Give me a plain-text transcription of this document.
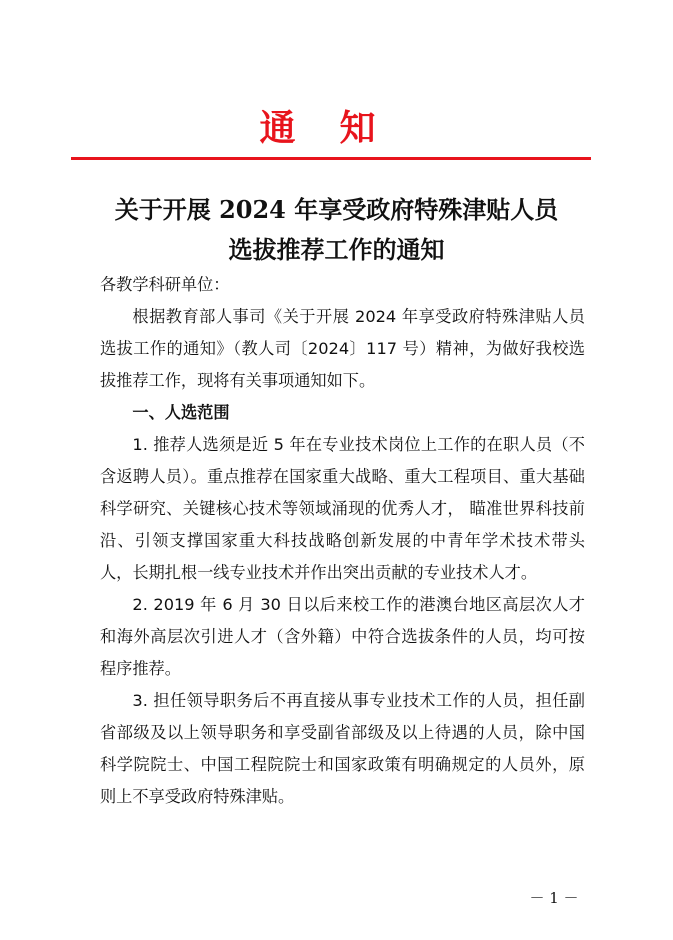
通知
关于开展 2024 年享受政府特殊津贴人员
选拔推荐工作的通知

各教学科研单位：

根据教育部人事司《关于开展 2024 年享受政府特殊津贴人员选拔工作的通知》（教人司〔2024〕117 号）精神，为做好我校选拔推荐工作，现将有关事项通知如下。

一、人选范围

1. 推荐人选须是近 5 年在专业技术岗位上工作的在职人员（不含返聘人员）。重点推荐在国家重大战略、重大工程项目、重大基础科学研究、关键核心技术等领域涌现的优秀人才， 瞄准世界科技前沿、引领支撑国家重大科技战略创新发展的中青年学术技术带头人，长期扎根一线专业技术并作出突出贡献的专业技术人才。

2. 2019 年 6 月 30 日以后来校工作的港澳台地区高层次人才和海外高层次引进人才（含外籍）中符合选拔条件的人员，均可按程序推荐。

3. 担任领导职务后不再直接从事专业技术工作的人员，担任副省部级及以上领导职务和享受副省部级及以上待遇的人员，除中国科学院院士、中国工程院院士和国家政策有明确规定的人员外，原则上不享受政府特殊津贴。

－ 1 －
